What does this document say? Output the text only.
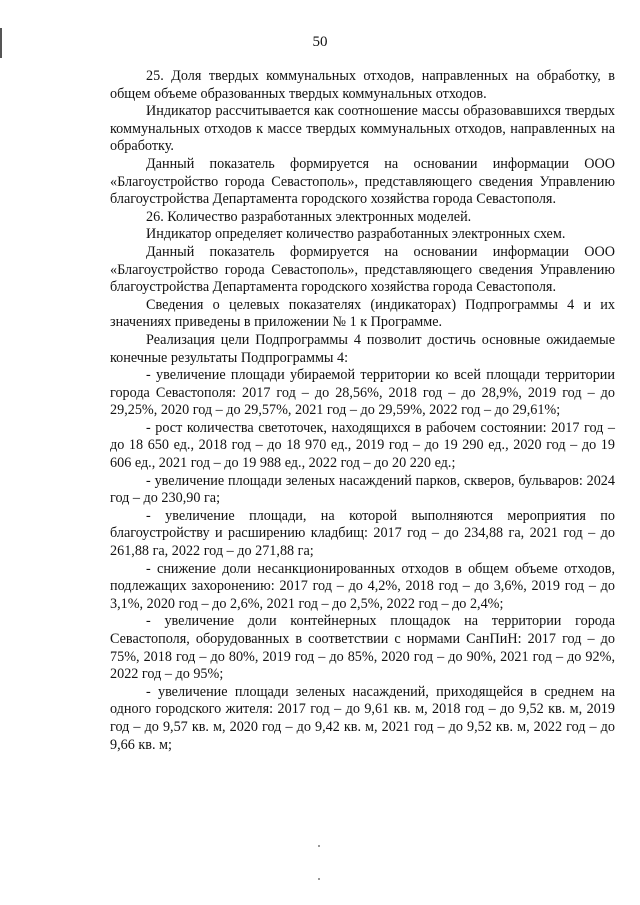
50

25. Доля твердых коммунальных отходов, направленных на обработку, в общем объеме образованных твердых коммунальных отходов.

Индикатор рассчитывается как соотношение массы образовавшихся твердых коммунальных отходов к массе твердых коммунальных отходов, направленных на обработку.

Данный показатель формируется на основании информации ООО «Благоустройство города Севастополь», представляющего сведения Управлению благоустройства Департамента городского хозяйства города Севастополя.

26. Количество разработанных электронных моделей.

Индикатор определяет количество разработанных электронных схем.

Данный показатель формируется на основании информации ООО «Благоустройство города Севастополь», представляющего сведения Управлению благоустройства Департамента городского хозяйства города Севастополя.

Сведения о целевых показателях (индикаторах) Подпрограммы 4 и их значениях приведены в приложении № 1 к Программе.

Реализация цели Подпрограммы 4 позволит достичь основные ожидаемые конечные результаты Подпрограммы 4:

- увеличение площади убираемой территории ко всей площади территории города Севастополя: 2017 год – до 28,56%, 2018 год – до 28,9%, 2019 год – до 29,25%, 2020 год – до 29,57%, 2021 год – до 29,59%, 2022 год – до 29,61%;

- рост количества светоточек, находящихся в рабочем состоянии: 2017 год – до 18 650 ед., 2018 год – до 18 970 ед., 2019 год – до 19 290 ед., 2020 год – до 19 606 ед., 2021 год – до 19 988 ед., 2022 год – до 20 220 ед.;

- увеличение площади зеленых насаждений парков, скверов, бульваров: 2024 год – до 230,90 га;

- увеличение площади, на которой выполняются мероприятия по благоустройству и расширению кладбищ: 2017 год – до 234,88 га, 2021 год – до 261,88 га, 2022 год – до 271,88 га;

- снижение доли несанкционированных отходов в общем объеме отходов, подлежащих захоронению: 2017 год – до 4,2%, 2018 год – до 3,6%, 2019 год – до 3,1%, 2020 год – до 2,6%, 2021 год – до 2,5%, 2022 год – до 2,4%;

- увеличение доли контейнерных площадок на территории города Севастополя, оборудованных в соответствии с нормами СанПиН: 2017 год – до 75%, 2018 год – до 80%, 2019 год – до 85%, 2020 год – до 90%, 2021 год – до 92%, 2022 год – до 95%;

- увеличение площади зеленых насаждений, приходящейся в среднем на одного городского жителя: 2017 год – до 9,61 кв. м, 2018 год – до 9,52 кв. м, 2019 год – до 9,57 кв. м, 2020 год – до 9,42 кв. м, 2021 год – до 9,52 кв. м, 2022 год – до 9,66 кв. м;
